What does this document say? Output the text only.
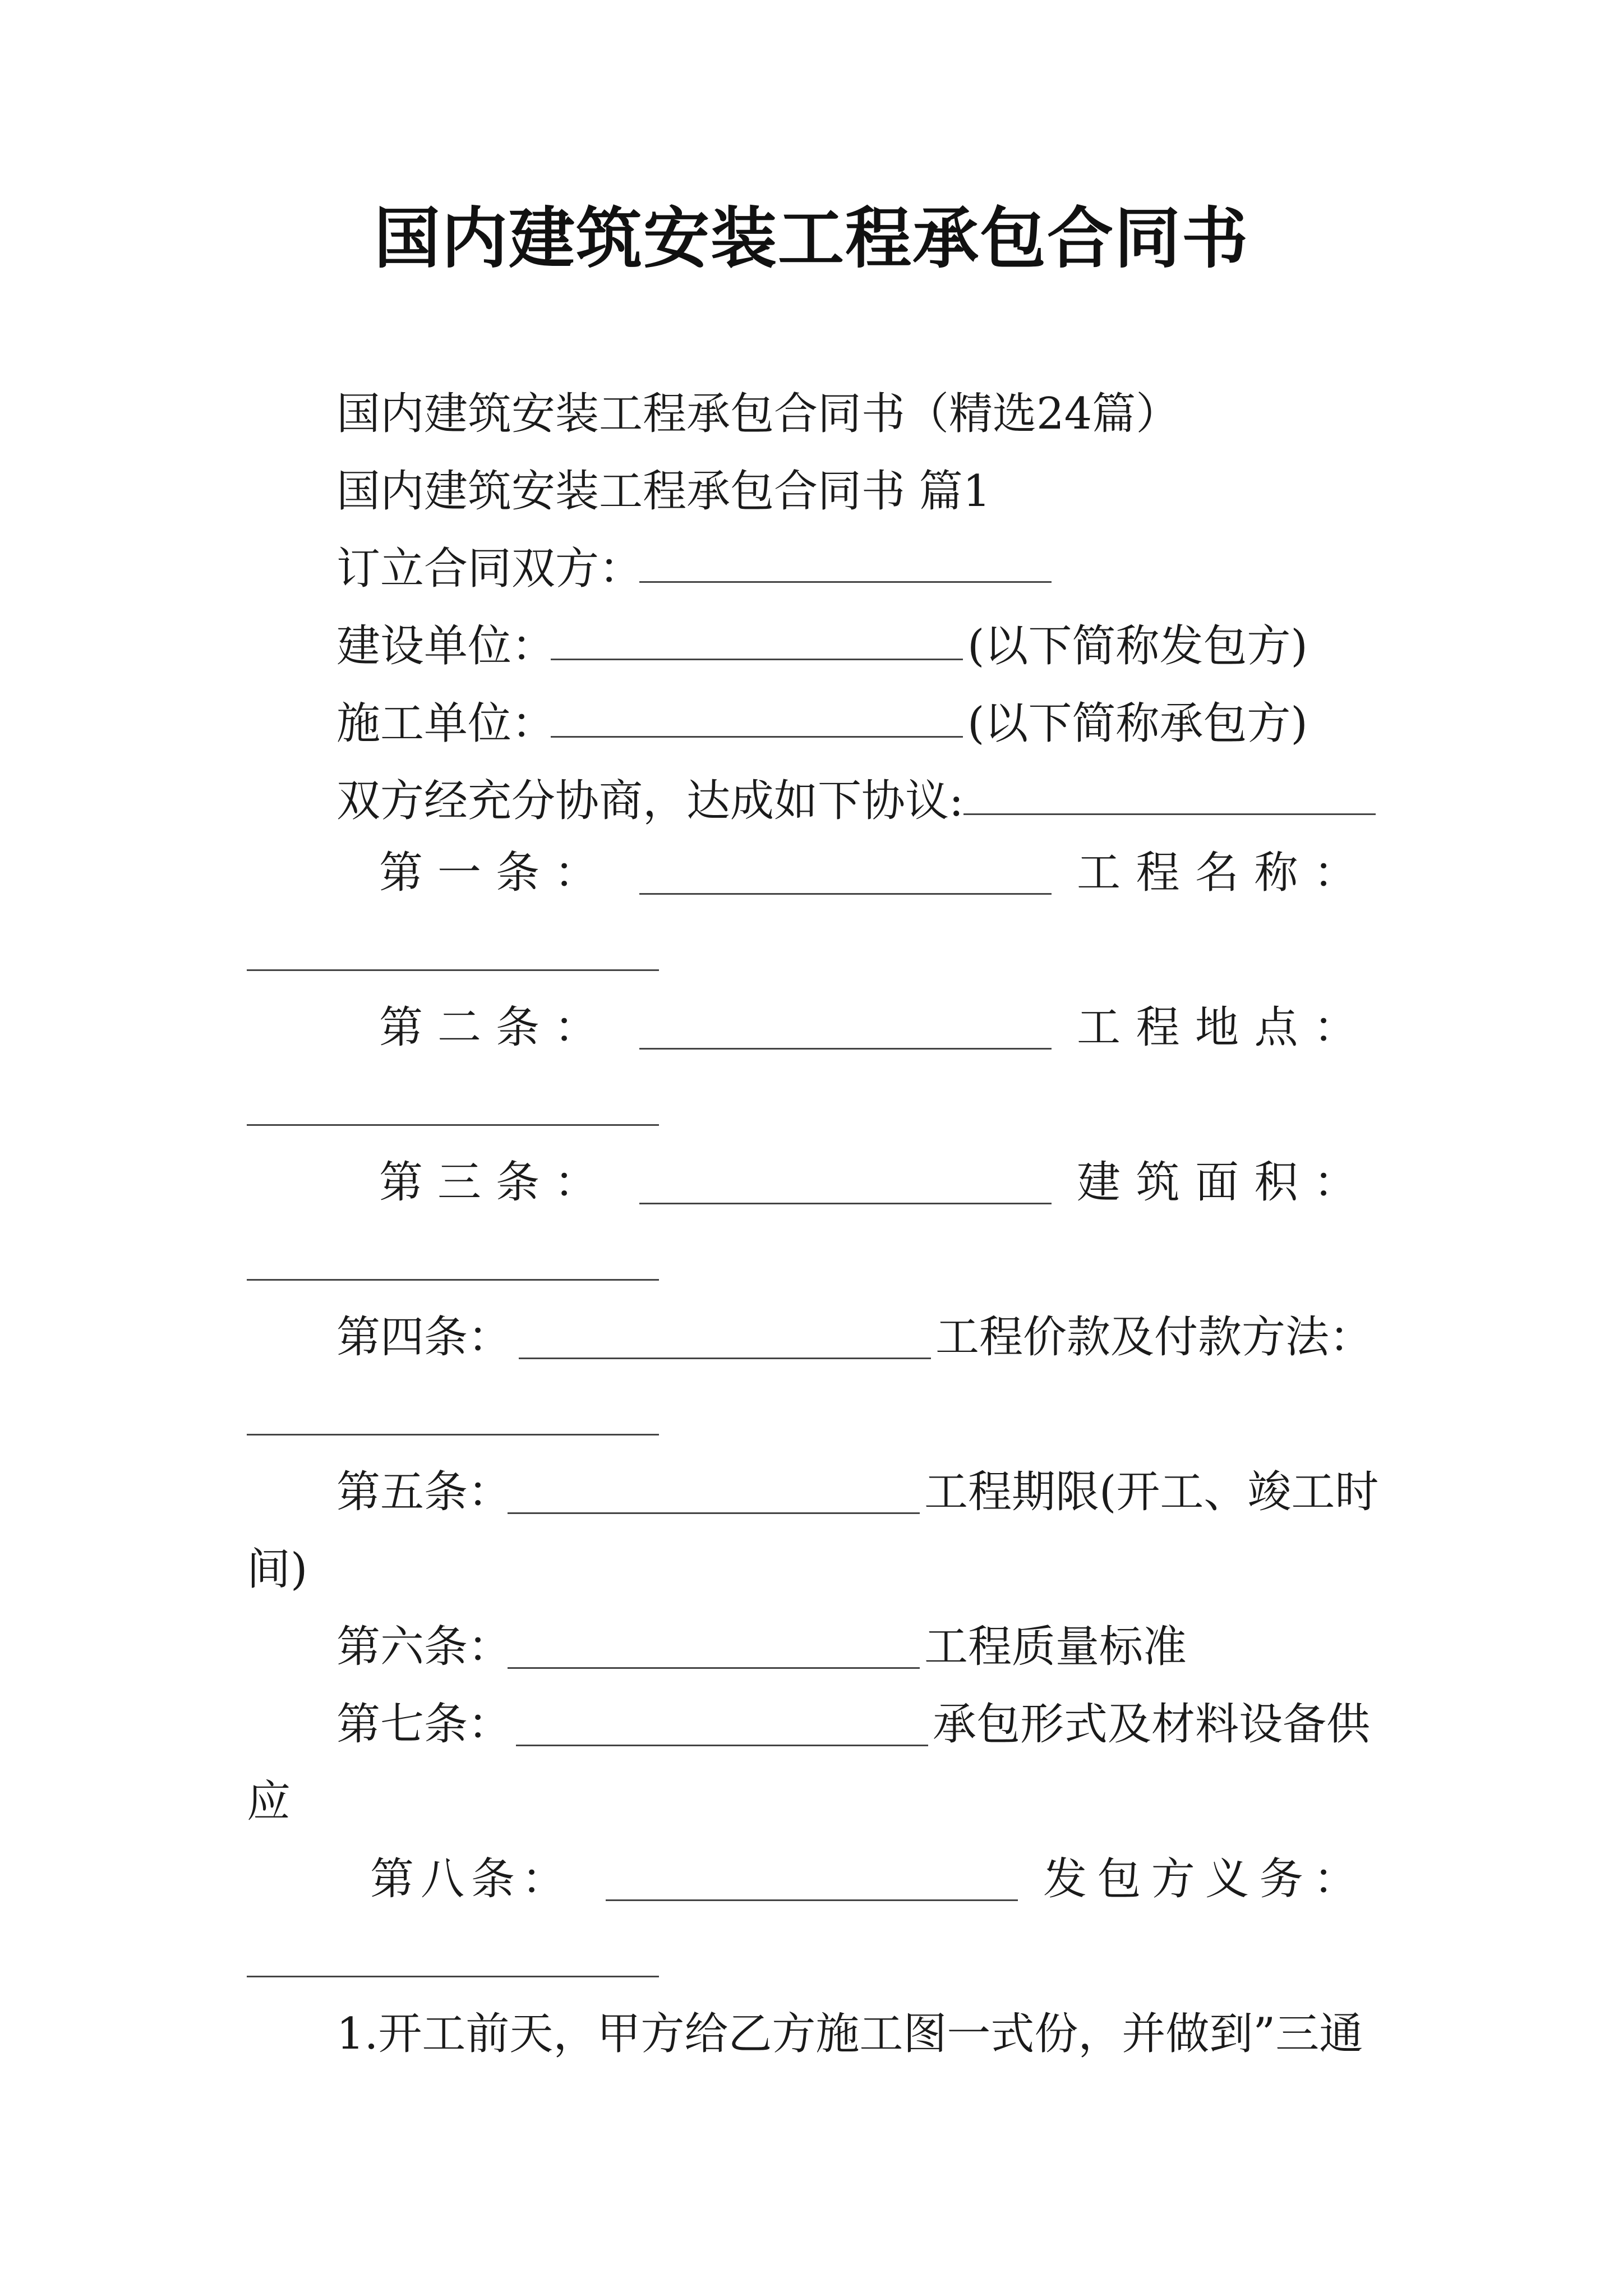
国内建筑安装工程承包合同书
国内建筑安装工程承包合同书（精选24篇）
国内建筑安装工程承包合同书 篇1
订立合同双方：
建设单位：	(以下简称发包方)
施工单位：	(以下简称承包方)
双方经充分协商，达成如下协议:
第 一 条 ：	工 程 名 称 ：
第 二 条 ：	工 程 地 点 ：
第 三 条 ：	建 筑 面 积 ：
第四条：	工程价款及付款方法：
第五条：	工程期限(开工、竣工时
间)
第六条：	工程质量标准
第七条：	承包形式及材料设备供
应
第 八 条 ：	发 包 方 义 务 ：
1.开工前天，甲方给乙方施工图一式份，并做到”三通
